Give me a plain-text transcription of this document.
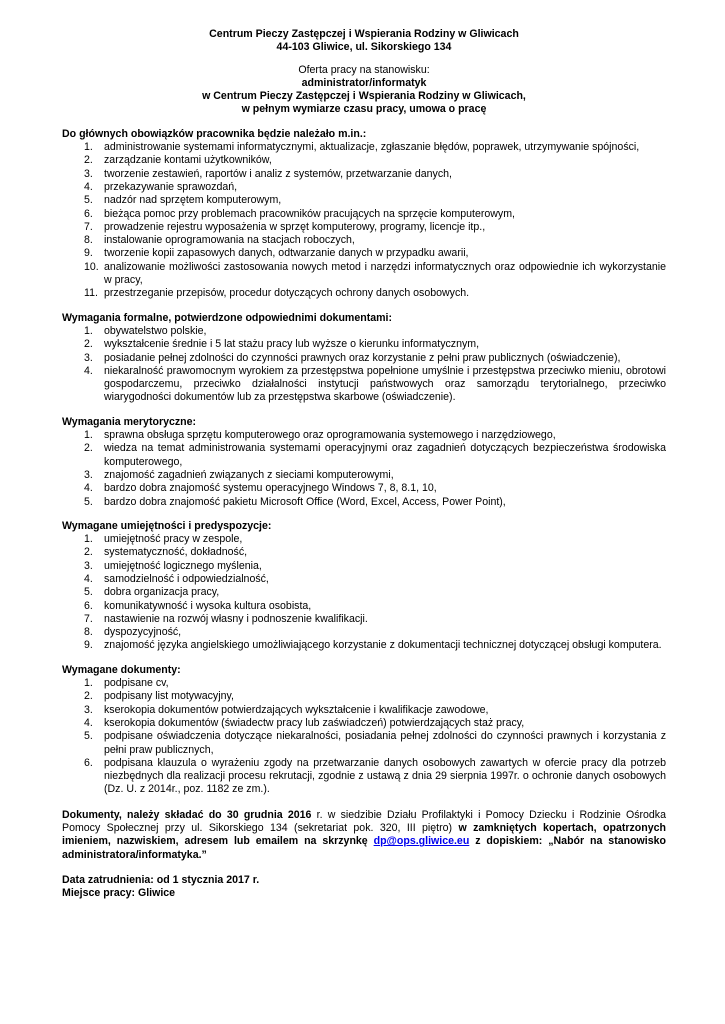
Centrum Pieczy Zastępczej i Wspierania Rodziny w Gliwicach
44-103 Gliwice, ul. Sikorskiego 134
Oferta pracy na stanowisku:
administrator/informatyk
w Centrum Pieczy Zastępczej i Wspierania Rodziny w Gliwicach,
w pełnym wymiarze czasu pracy, umowa o pracę
Do głównych obowiązków pracownika będzie należało m.in.:
1.	administrowanie systemami informatycznymi, aktualizacje, zgłaszanie błędów, poprawek, utrzymywanie spójności,
2.	zarządzanie kontami użytkowników,
3.	tworzenie zestawień, raportów i analiz z systemów, przetwarzanie danych,
4.	przekazywanie sprawozdań,
5.	nadzór nad sprzętem komputerowym,
6.	bieżąca pomoc przy problemach pracowników pracujących na sprzęcie komputerowym,
7.	prowadzenie rejestru wyposażenia w sprzęt komputerowy, programy, licencje itp.,
8.	instalowanie oprogramowania na stacjach roboczych,
9.	tworzenie kopii zapasowych danych, odtwarzanie danych w przypadku awarii,
10. analizowanie możliwości zastosowania nowych metod i narzędzi informatycznych oraz odpowiednie ich wykorzystanie w pracy,
11. przestrzeganie przepisów, procedur dotyczących ochrony danych osobowych.
Wymagania formalne, potwierdzone odpowiednimi dokumentami:
1.	obywatelstwo polskie,
2.	wykształcenie średnie i 5 lat stażu pracy lub wyższe o kierunku informatycznym,
3.	posiadanie pełnej zdolności do czynności prawnych oraz korzystanie z pełni praw publicznych (oświadczenie),
4.	niekaralność prawomocnym wyrokiem za przestępstwa popełnione umyślnie i przestępstwa przeciwko mieniu, obrotowi gospodarczemu, przeciwko działalności instytucji państwowych oraz samorządu terytorialnego, przeciwko wiarygodności dokumentów lub za przestępstwa skarbowe (oświadczenie).
Wymagania merytoryczne:
1.	sprawna obsługa sprzętu komputerowego oraz oprogramowania systemowego i narzędziowego,
2.	wiedza na temat administrowania systemami operacyjnymi oraz zagadnień dotyczących bezpieczeństwa środowiska komputerowego,
3.	znajomość zagadnień związanych z sieciami komputerowymi,
4.	bardzo dobra znajomość systemu operacyjnego Windows 7, 8, 8.1, 10,
5.	bardzo dobra znajomość pakietu Microsoft Office (Word, Excel, Access, Power Point),
Wymagane umiejętności i predyspozycje:
1.	umiejętność pracy w zespole,
2.	systematyczność, dokładność,
3.	umiejętność logicznego myślenia,
4.	samodzielność i odpowiedzialność,
5.	dobra organizacja pracy,
6.	komunikatywność i wysoka kultura osobista,
7.	nastawienie na rozwój własny i podnoszenie kwalifikacji.
8.	dyspozycyjność,
9.	znajomość języka angielskiego umożliwiającego korzystanie z dokumentacji technicznej dotyczącej obsługi komputera.
Wymagane dokumenty:
1.	podpisane cv,
2.	podpisany list motywacyjny,
3.	kserokopia dokumentów potwierdzających wykształcenie i kwalifikacje zawodowe,
4.	kserokopia dokumentów (świadectw pracy lub zaświadczeń) potwierdzających staż pracy,
5.	podpisane oświadczenia dotyczące niekaralności, posiadania pełnej zdolności do czynności prawnych i korzystania z pełni praw publicznych,
6.	podpisana klauzula o wyrażeniu zgody na przetwarzanie danych osobowych zawartych w ofercie pracy dla potrzeb niezbędnych dla realizacji procesu rekrutacji, zgodnie z ustawą z dnia 29 sierpnia 1997r. o ochronie danych osobowych (Dz. U. z 2014r., poz. 1182 ze zm.).
Dokumenty, należy składać do 30 grudnia 2016 r. w siedzibie Działu Profilaktyki i Pomocy Dziecku i Rodzinie Ośrodka Pomocy Społecznej przy ul. Sikorskiego 134 (sekretariat pok. 320, III piętro) w zamkniętych kopertach, opatrzonych imieniem, nazwiskiem, adresem lub emailem na skrzynkę dp@ops.gliwice.eu z dopiskiem: „Nabór na stanowisko administratora/informatyka.”
Data zatrudnienia: od 1 stycznia 2017 r.
Miejsce pracy: Gliwice
